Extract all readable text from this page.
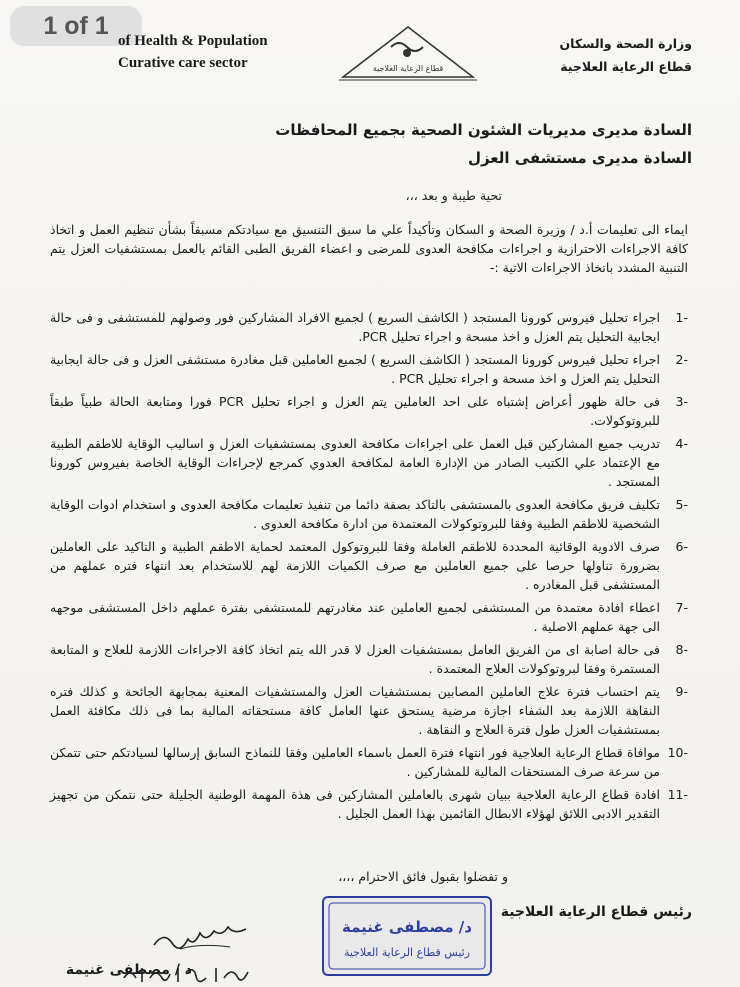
1 of 1
of Health & Population
Curative care sector	قطاع الرعاية العلاجية
وزارة الصحة والسكان
قطاع الرعاية العلاجية
السادة مديرى مديريات الشئون الصحية بجميع المحافظات
السادة مديرى مستشفى العزل
تحية طيبة و بعد ،،،
ايماء الى تعليمات أ.د / وزيرة الصحة و السكان وتأكيداً علي ما سبق التنسيق مع سيادتكم مسبقاً بشأن تنظيم العمل و اتخاذ كافة الاجراءات الاحترازية و اجراءات مكافحة العدوى للمرضى و اعضاء الفريق الطبى القائم بالعمل بمستشفيات العزل يتم التنبية المشدد باتخاذ الاجراءات الاتية :-
-1
اجراء تحليل فيروس كورونا المستجد ( الكاشف السريع ) لجميع الافراد المشاركين فور وصولهم للمستشفى و فى حالة ايجابية التحليل يتم العزل و اخذ مسحة و اجراء تحليل PCR.
-2
اجراء تحليل فيروس كورونا المستجد ( الكاشف السريع ) لجميع العاملين قبل مغادرة مستشفى العزل و فى حالة ايجابية التحليل يتم العزل و اخذ مسحة و اجراء تحليل PCR .
-3
فى حالة ظهور أعراض إشتباه على احد العاملين يتم العزل و اجراء تحليل PCR فورا ومتابعة الحالة طبياً طبقاً للبروتوكولات.
-4
تدريب جميع المشاركين قبل العمل على اجراءات مكافحة العدوى بمستشفيات العزل و اساليب الوقاية للاطقم الطبية مع الإعتماد علي الكتيب الصادر من الإدارة العامة لمكافحة العدوي كمرجع لإجراءات الوقاية الخاصة بفيروس كورونا المستجد .
-5
تكليف فريق مكافحة العدوى بالمستشفى بالتاكد بصفة دائما من تنفيذ تعليمات مكافحة العدوى و استخدام ادوات الوقاية الشخصية للاطقم الطبية وفقا للبروتوكولات المعتمدة من ادارة مكافحة العدوى .
-6
صرف الادوية الوقائية المحددة للاطقم العاملة وفقا للبروتوكول المعتمد لحماية الاطقم الطبية و التاكيد على العاملين بضرورة تناولها حرصا على جميع العاملين مع صرف الكميات اللازمة لهم للاستخدام بعد انتهاء فتره عملهم من المستشفى قبل المغادره .
-7
اعطاء افادة معتمدة من المستشفى لجميع العاملين عند مغادرتهم للمستشفى بفترة عملهم داخل المستشفى موجهه الى جهة عملهم الاصلية .
-8
فى حالة اصابة اى من الفريق العامل بمستشفيات العزل لا قدر الله يتم اتخاذ كافة الاجراءات اللازمة للعلاج و المتابعة المستمرة وفقا لبروتوكولات العلاج المعتمدة .
-9
يتم احتساب فترة علاج العاملين المصابين بمستشفيات العزل والمستشفيات المعنية بمجابهة الجائحة و كذلك فتره النقاهة اللازمة بعد الشفاء اجازة مرضية يستحق عنها العامل كافة مستحقاته المالية بما فى ذلك مكافئة العمل بمستشفيات العزل طول فترة العلاج و النقاهة .
-10
موافاة قطاع الرعاية العلاجية فور انتهاء فترة العمل باسماء العاملين وفقا للنماذج السابق إرسالها لسيادتكم حتى تتمكن من سرعة صرف المستحقات المالية للمشاركين .
-11
افادة قطاع الرعاية العلاجية ببيان شهرى بالعاملين المشاركين فى هذة المهمة الوطنية الجليلة حتى نتمكن من تجهيز التقدير الادبى اللائق لهؤلاء الابطال القائمين بهذا العمل الجليل .
و تفضلوا بقبول فائق الاحترام ،،،،
رئيس قطاع الرعاية العلاجية
د/ مصطفى غنيمة
رئيس قطاع الرعاية العلاجية
د / مصطفى غنيمة
